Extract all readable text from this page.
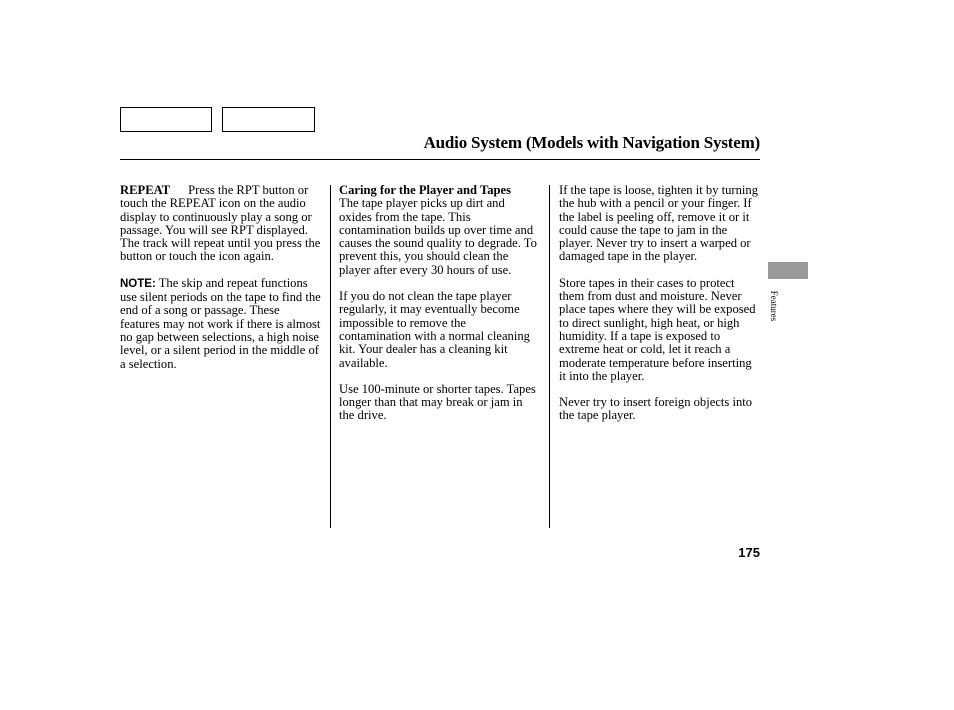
Audio System (Models with Navigation System)

REPEAT Press the RPT button or touch the REPEAT icon on the audio display to continuously play a song or passage. You will see RPT displayed. The track will repeat until you press the button or touch the icon again.

NOTE: The skip and repeat functions use silent periods on the tape to find the end of a song or passage. These features may not work if there is almost no gap between selections, a high noise level, or a silent period in the middle of a selection.

Caring for the Player and Tapes
The tape player picks up dirt and oxides from the tape. This contamination builds up over time and causes the sound quality to degrade. To prevent this, you should clean the player after every 30 hours of use.

If you do not clean the tape player regularly, it may eventually become impossible to remove the contamination with a normal cleaning kit. Your dealer has a cleaning kit available.

Use 100-minute or shorter tapes. Tapes longer than that may break or jam in the drive.

If the tape is loose, tighten it by turning the hub with a pencil or your finger. If the label is peeling off, remove it or it could cause the tape to jam in the player. Never try to insert a warped or damaged tape in the player.

Store tapes in their cases to protect them from dust and moisture. Never place tapes where they will be exposed to direct sunlight, high heat, or high humidity. If a tape is exposed to extreme heat or cold, let it reach a moderate temperature before inserting it into the player.

Never try to insert foreign objects into the tape player.

Features
175
